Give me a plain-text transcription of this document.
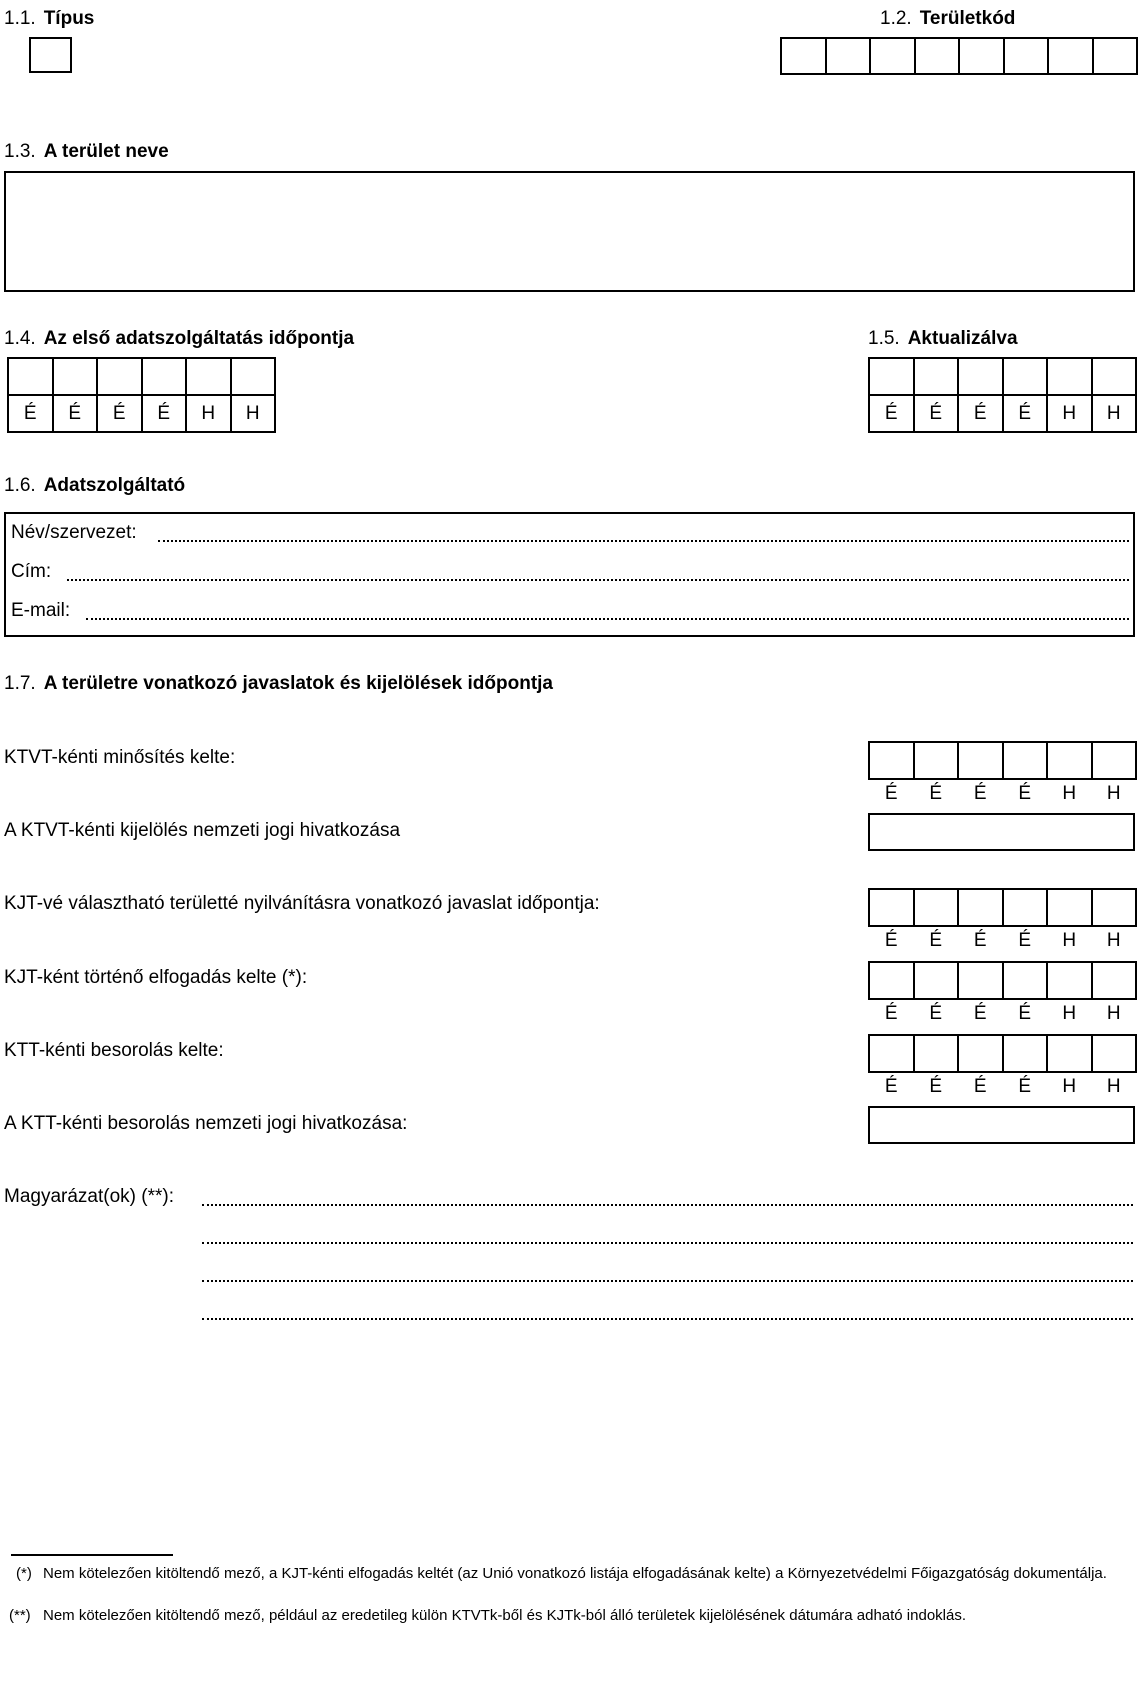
1.1. Típus	1.2. Területkód
1.3. A terület neve
1.4. Az első adatszolgáltatás időpontja
É	É	É	É	H	H
1.5. Aktualizálva
É	É	É	É	H	H
1.6. Adatszolgáltató
Név/szervezet:
Cím:
E-mail:
1.7. A területre vonatkozó javaslatok és kijelölések időpontja
KTVT-kénti minősítés kelte:
É	É	É	É	H	H
A KTVT-kénti kijelölés nemzeti jogi hivatkozása
KJT-vé választható területté nyilvánításra vonatkozó javaslat időpontja:
É	É	É	É	H	H
KJT-ként történő elfogadás kelte (*):
É	É	É	É	H	H
KTT-kénti besorolás kelte:
É	É	É	É	H	H
A KTT-kénti besorolás nemzeti jogi hivatkozása:
Magyarázat(ok) (**):
(*) Nem kötelezően kitöltendő mező, a KJT-kénti elfogadás keltét (az Unió vonatkozó listája elfogadásának kelte) a Környezetvédelmi Főigazgatóság dokumentálja.
(**) Nem kötelezően kitöltendő mező, például az eredetileg külön KTVTk-ből és KJTk-ból álló területek kijelölésének dátumára adható indoklás.
